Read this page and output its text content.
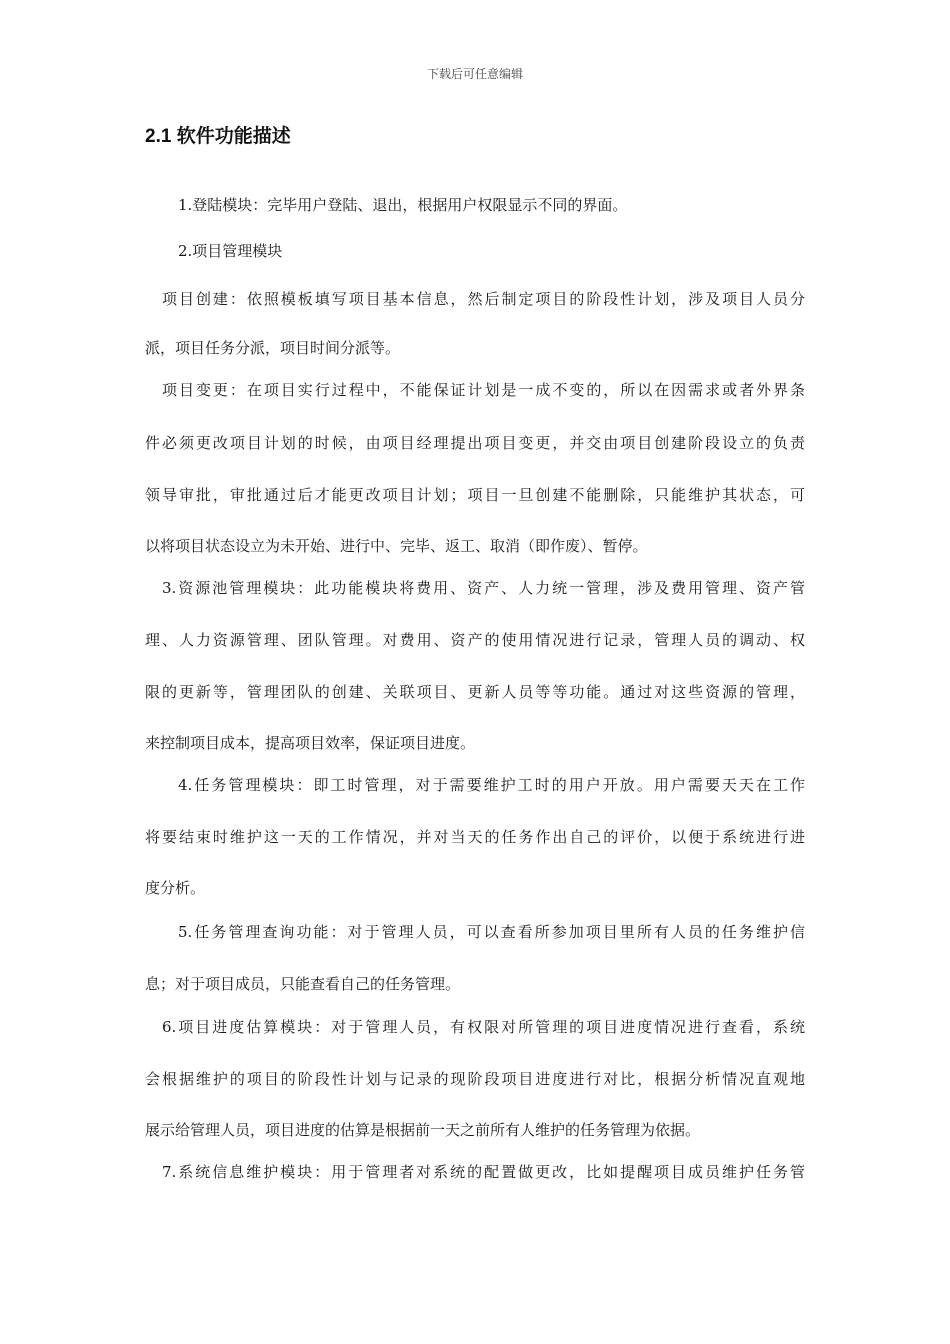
下载后可任意编辑
2.1 软件功能描述
1.登陆模块：完毕用户登陆、退出，根据用户权限显示不同的界面。
2.项目管理模块
项目创建：依照模板填写项目基本信息，然后制定项目的阶段性计划，涉及项目人员分
派，项目任务分派，项目时间分派等。
项目变更：在项目实行过程中，不能保证计划是一成不变的，所以在因需求或者外界条
件必须更改项目计划的时候，由项目经理提出项目变更，并交由项目创建阶段设立的负责
领导审批，审批通过后才能更改项目计划；项目一旦创建不能删除，只能维护其状态，可
以将项目状态设立为未开始、进行中、完毕、返工、取消（即作废）、暂停。
3.资源池管理模块：此功能模块将费用、资产、人力统一管理，涉及费用管理、资产管
理、人力资源管理、团队管理。对费用、资产的使用情况进行记录，管理人员的调动、权
限的更新等，管理团队的创建、关联项目、更新人员等等功能。通过对这些资源的管理，
来控制项目成本，提高项目效率，保证项目进度。
4.任务管理模块：即工时管理，对于需要维护工时的用户开放。用户需要天天在工作
将要结束时维护这一天的工作情况，并对当天的任务作出自己的评价，以便于系统进行进
度分析。
5.任务管理查询功能：对于管理人员，可以查看所参加项目里所有人员的任务维护信
息；对于项目成员，只能查看自己的任务管理。
6.项目进度估算模块：对于管理人员，有权限对所管理的项目进度情况进行查看，系统
会根据维护的项目的阶段性计划与记录的现阶段项目进度进行对比，根据分析情况直观地
展示给管理人员，项目进度的估算是根据前一天之前所有人维护的任务管理为依据。
7.系统信息维护模块：用于管理者对系统的配置做更改，比如提醒项目成员维护任务管
